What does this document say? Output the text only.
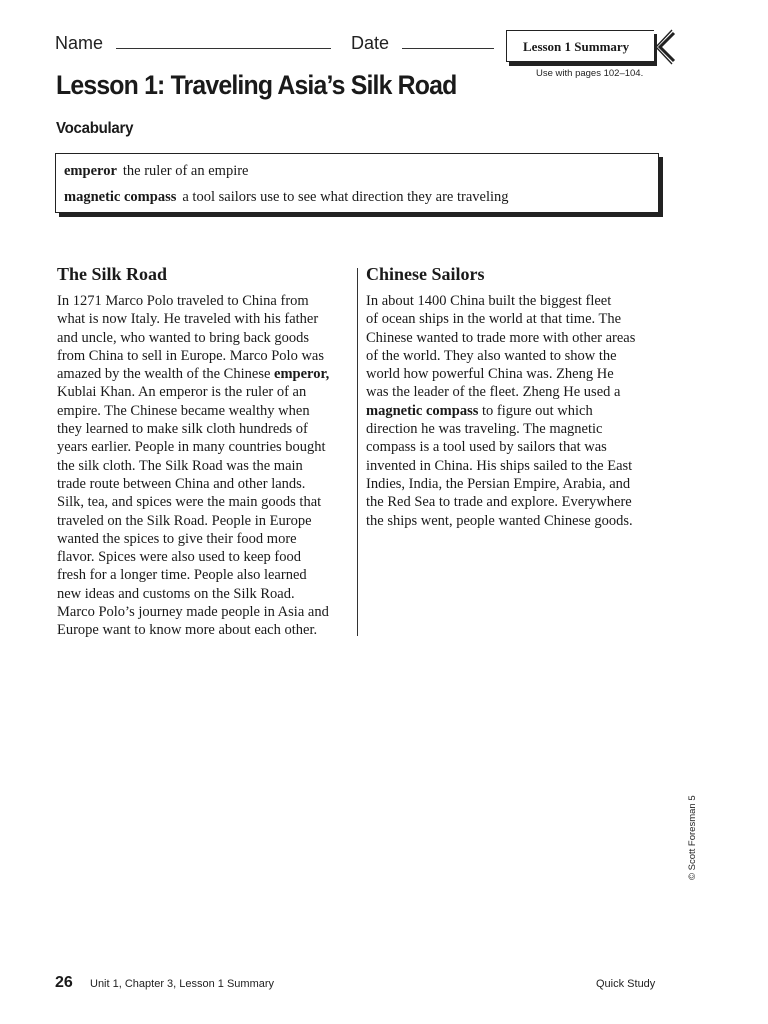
Name	Date	Lesson 1 Summary
Use with pages 102–104.
Lesson 1: Traveling Asia’s Silk Road
Vocabulary
emperor the ruler of an empire
magnetic compass a tool sailors use to see what direction they are traveling
The Silk Road
In 1271 Marco Polo traveled to China from
what is now Italy. He traveled with his father
and uncle, who wanted to bring back goods
from China to sell in Europe. Marco Polo was
amazed by the wealth of the Chinese emperor,
Kublai Khan. An emperor is the ruler of an
empire. The Chinese became wealthy when
they learned to make silk cloth hundreds of
years earlier. People in many countries bought
the silk cloth. The Silk Road was the main
trade route between China and other lands.
Silk, tea, and spices were the main goods that
traveled on the Silk Road. People in Europe
wanted the spices to give their food more
flavor. Spices were also used to keep food
fresh for a longer time. People also learned
new ideas and customs on the Silk Road.
Marco Polo’s journey made people in Asia and
Europe want to know more about each other.
Chinese Sailors
In about 1400 China built the biggest fleet
of ocean ships in the world at that time. The
Chinese wanted to trade more with other areas
of the world. They also wanted to show the
world how powerful China was. Zheng He
was the leader of the fleet. Zheng He used a
magnetic compass to figure out which
direction he was traveling. The magnetic
compass is a tool used by sailors that was
invented in China. His ships sailed to the East
Indies, India, the Persian Empire, Arabia, and
the Red Sea to trade and explore. Everywhere
the ships went, people wanted Chinese goods.
© Scott Foresman 5
26 Unit 1, Chapter 3, Lesson 1 Summary	Quick Study
